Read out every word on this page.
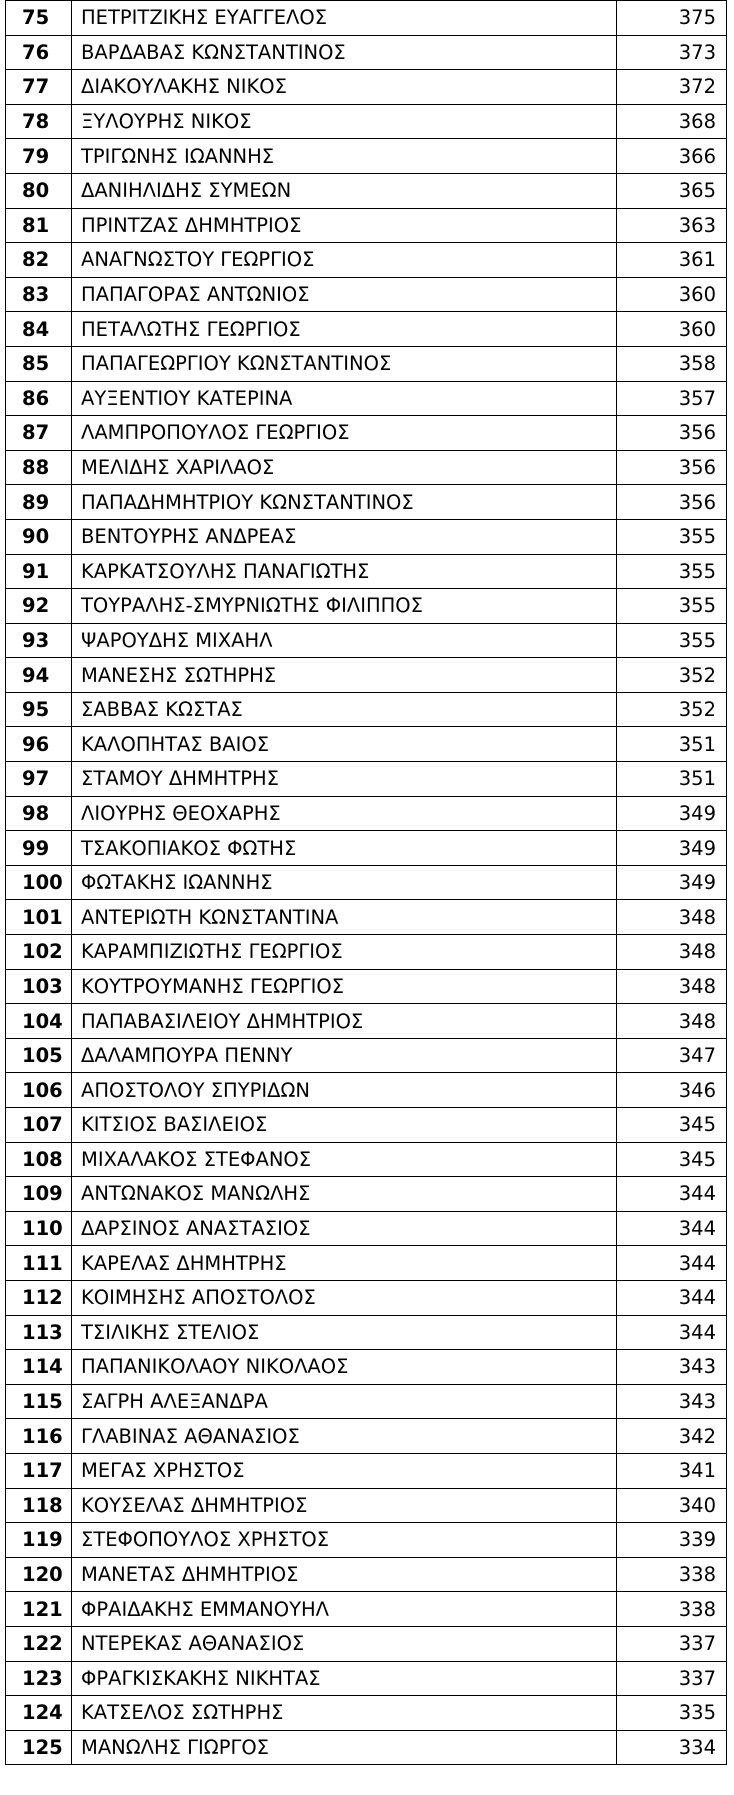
75	ΠΕΤΡΙΤΖΙΚΗΣ ΕΥΑΓΓΕΛΟΣ	375
76	ΒΑΡΔΑΒΑΣ ΚΩΝΣΤΑΝΤΙΝΟΣ	373
77	ΔΙΑΚΟΥΛΑΚΗΣ ΝΙΚΟΣ	372
78	ΞΥΛΟΥΡΗΣ ΝΙΚΟΣ	368
79	ΤΡΙΓΩΝΗΣ ΙΩΑΝΝΗΣ	366
80	ΔΑΝΙΗΛΙΔΗΣ ΣΥΜΕΩΝ	365
81	ΠΡΙΝΤΖΑΣ ΔΗΜΗΤΡΙΟΣ	363
82	ΑΝΑΓΝΩΣΤΟΥ ΓΕΩΡΓΙΟΣ	361
83	ΠΑΠΑΓΟΡΑΣ ΑΝΤΩΝΙΟΣ	360
84	ΠΕΤΑΛΩΤΗΣ ΓΕΩΡΓΙΟΣ	360
85	ΠΑΠΑΓΕΩΡΓΙΟΥ ΚΩΝΣΤΑΝΤΙΝΟΣ	358
86	ΑΥΞΕΝΤΙΟΥ ΚΑΤΕΡΙΝΑ	357
87	ΛΑΜΠΡΟΠΟΥΛΟΣ ΓΕΩΡΓΙΟΣ	356
88	ΜΕΛΙΔΗΣ ΧΑΡΙΛΑΟΣ	356
89	ΠΑΠΑΔΗΜΗΤΡΙΟΥ ΚΩΝΣΤΑΝΤΙΝΟΣ	356
90	ΒΕΝΤΟΥΡΗΣ ΑΝΔΡΕΑΣ	355
91	ΚΑΡΚΑΤΣΟΥΛΗΣ ΠΑΝΑΓΙΩΤΗΣ	355
92	ΤΟΥΡΑΛΗΣ-ΣΜΥΡΝΙΩΤΗΣ ΦΙΛΙΠΠΟΣ	355
93	ΨΑΡΟΥΔΗΣ ΜΙΧΑΗΛ	355
94	ΜΑΝΕΣΗΣ ΣΩΤΗΡΗΣ	352
95	ΣΑΒΒΑΣ ΚΩΣΤΑΣ	352
96	ΚΑΛΟΠΗΤΑΣ ΒΑΙΟΣ	351
97	ΣΤΑΜΟΥ ΔΗΜΗΤΡΗΣ	351
98	ΛΙΟΥΡΗΣ ΘΕΟΧΑΡΗΣ	349
99	ΤΣΑΚΟΠΙΑΚΟΣ ΦΩΤΗΣ	349
100	ΦΩΤΑΚΗΣ ΙΩΑΝΝΗΣ	349
101	ΑΝΤΕΡΙΩΤΗ ΚΩΝΣΤΑΝΤΙΝΑ	348
102	ΚΑΡΑΜΠΙΖΙΩΤΗΣ ΓΕΩΡΓΙΟΣ	348
103	ΚΟΥΤΡΟΥΜΑΝΗΣ ΓΕΩΡΓΙΟΣ	348
104	ΠΑΠΑΒΑΣΙΛΕΙΟΥ ΔΗΜΗΤΡΙΟΣ	348
105	ΔΑΛΑΜΠΟΥΡΑ ΠΕΝΝΥ	347
106	ΑΠΟΣΤΟΛΟΥ ΣΠΥΡΙΔΩΝ	346
107	ΚΙΤΣΙΟΣ ΒΑΣΙΛΕΙΟΣ	345
108	ΜΙΧΑΛΑΚΟΣ ΣΤΕΦΑΝΟΣ	345
109	ΑΝΤΩΝΑΚΟΣ ΜΑΝΩΛΗΣ	344
110	ΔΑΡΣΙΝΟΣ ΑΝΑΣΤΑΣΙΟΣ	344
111	ΚΑΡΕΛΑΣ ΔΗΜΗΤΡΗΣ	344
112	ΚΟΙΜΗΣΗΣ ΑΠΟΣΤΟΛΟΣ	344
113	ΤΣΙΛΙΚΗΣ ΣΤΕΛΙΟΣ	344
114	ΠΑΠΑΝΙΚΟΛΑΟΥ ΝΙΚΟΛΑΟΣ	343
115	ΣΑΓΡΗ ΑΛΕΞΑΝΔΡΑ	343
116	ΓΛΑΒΙΝΑΣ ΑΘΑΝΑΣΙΟΣ	342
117	ΜΕΓΑΣ ΧΡΗΣΤΟΣ	341
118	ΚΟΥΣΕΛΑΣ ΔΗΜΗΤΡΙΟΣ	340
119	ΣΤΕΦΟΠΟΥΛΟΣ ΧΡΗΣΤΟΣ	339
120	ΜΑΝΕΤΑΣ ΔΗΜΗΤΡΙΟΣ	338
121	ΦΡΑΙΔΑΚΗΣ ΕΜΜΑΝΟΥΗΛ	338
122	ΝΤΕΡΕΚΑΣ ΑΘΑΝΑΣΙΟΣ	337
123	ΦΡΑΓΚΙΣΚΑΚΗΣ ΝΙΚΗΤΑΣ	337
124	ΚΑΤΣΕΛΟΣ ΣΩΤΗΡΗΣ	335
125	ΜΑΝΩΛΗΣ ΓΙΩΡΓΟΣ	334
